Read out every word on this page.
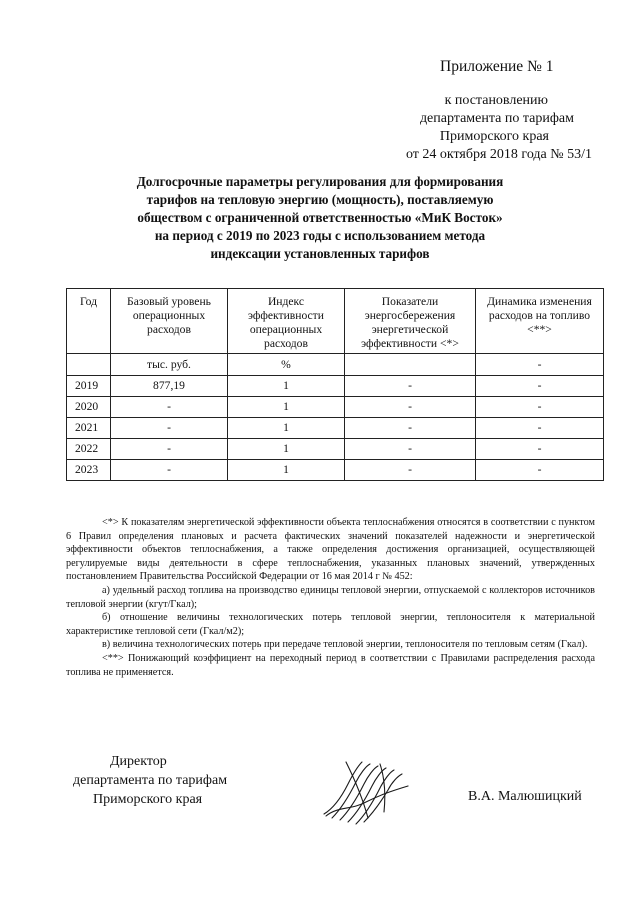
Приложение № 1
к постановлению
департамента по тарифам
Приморского края
от 24 октября 2018 года № 53/1
Долгосрочные параметры регулирования для формирования
тарифов на тепловую энергию (мощность), поставляемую
обществом с ограниченной ответственностью «МиК Восток»
на период с 2019 по 2023 годы с использованием метода
индексации установленных тарифов
Год	Базовый уровень операционных расходов	Индекс эффективности операционных расходов	Показатели энергосбережения энергетической эффективности <*>	Динамика изменения расходов на топливо <**>
	тыс. руб.	%		-
2019	877,19	1	-	-
2020	-	1	-	-
2021	-	1	-	-
2022	-	1	-	-
2023	-	1	-	-

<*> К показателям энергетической эффективности объекта теплоснабжения относятся в соответствии с пунктом 6 Правил определения плановых и расчета фактических значений показателей надежности и энергетической эффективности объектов теплоснабжения, а также определения достижения организацией, осуществляющей регулируемые виды деятельности в сфере теплоснабжения, указанных плановых значений, утвержденных постановлением Правительства Российской Федерации от 16 мая 2014 г № 452:

а) удельный расход топлива на производство единицы тепловой энергии, отпускаемой с коллекторов источников тепловой энергии (кгут/Гкал);

б) отношение величины технологических потерь тепловой энергии, теплоносителя к материальной характеристике тепловой сети (Гкал/м2);

в) величина технологических потерь при передаче тепловой энергии, теплоносителя по тепловым сетям (Гкал).

<**> Понижающий коэффициент на переходный период в соответствии с Правилами распределения расхода топлива не применяется.

Директор
департамента по тарифам
Приморского края	В.А. Малюшицкий
